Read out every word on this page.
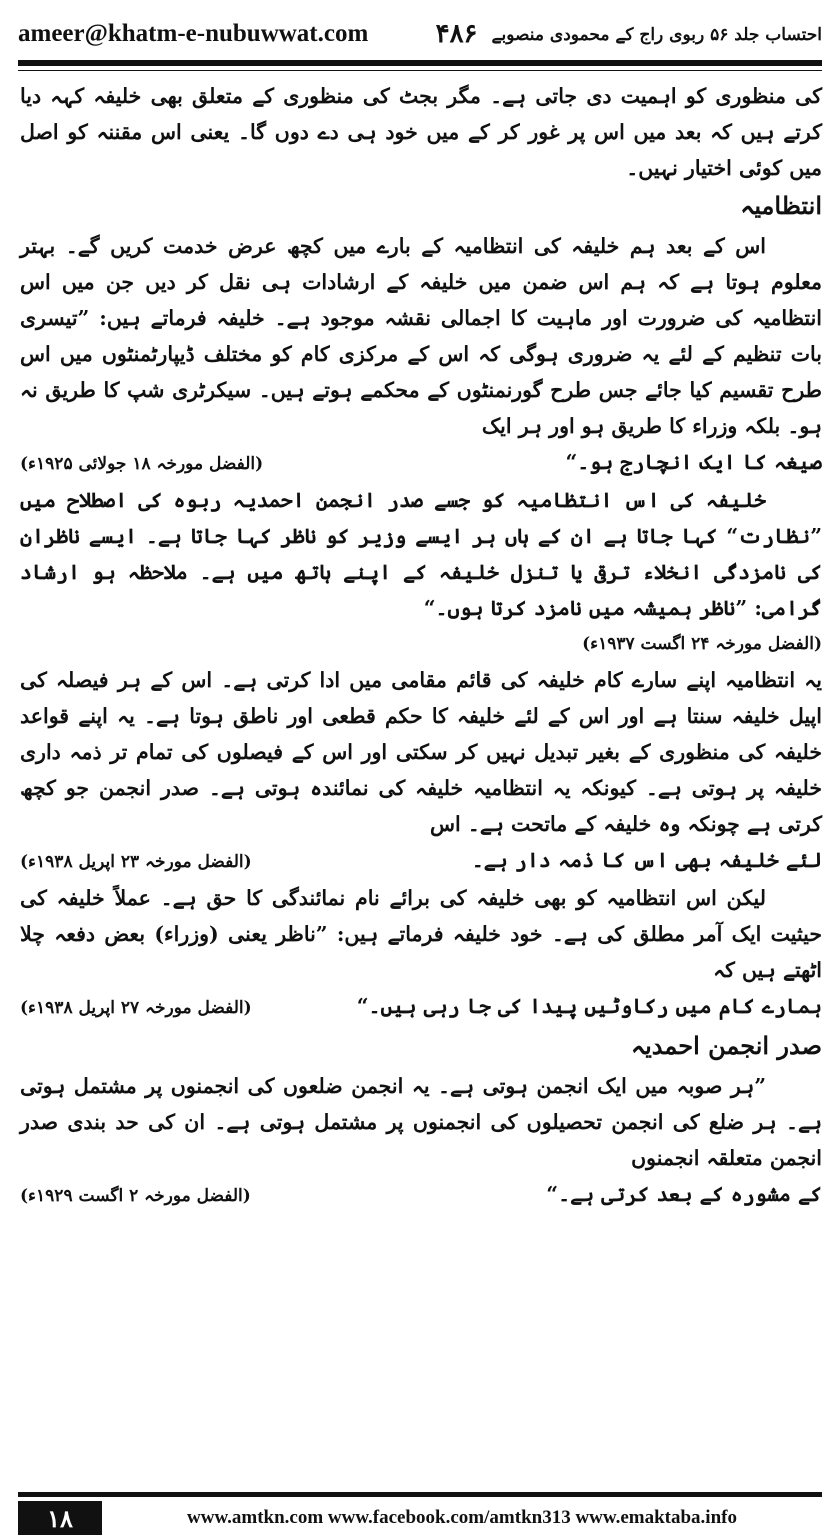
ameer@khatm-e-nubuwwat.com	احتساب جلد ۵۶ ربوی راج کے محمودی منصوبے
۴۸۶

کی منظوری کو اہمیت دی جاتی ہے۔ مگر بجٹ کی منظوری کے متعلق بھی خلیفہ کہہ دیا کرتے ہیں کہ بعد میں اس پر غور کر کے میں خود ہی دے دوں گا۔ یعنی اس مقننہ کو اصل میں کوئی اختیار نہیں۔

انتظامیہ

اس کے بعد ہم خلیفہ کی انتظامیہ کے بارے میں کچھ عرض خدمت کریں گے۔ بہتر معلوم ہوتا ہے کہ ہم اس ضمن میں خلیفہ کے ارشادات ہی نقل کر دیں جن میں اس انتظامیہ کی ضرورت اور ماہیت کا اجمالی نقشہ موجود ہے۔ خلیفہ فرماتے ہیں: ”تیسری بات تنظیم کے لئے یہ ضروری ہوگی کہ اس کے مرکزی کام کو مختلف ڈیپارٹمنٹوں میں اس طرح تقسیم کیا جائے جس طرح گورنمنٹوں کے محکمے ہوتے ہیں۔ سیکرٹری شپ کا طریق نہ ہو۔ بلکہ وزراء کا طریق ہو اور ہر ایک

صیغہ کا ایک انچارج ہو۔“
(الفضل مورخہ ۱۸ جولائی ۱۹۲۵ء)

خلیفہ کی اس انتظامیہ کو جسے صدر انجمن احمدیہ ربوہ کی اصطلاح میں ”نظارت“ کہا جاتا ہے ان کے ہاں ہر ایسے وزیر کو ناظر کہا جاتا ہے۔ ایسے ناظران کی نامزدگی انخلاء ترقی یا تنزل خلیفہ کے اپنے ہاتھ میں ہے۔ ملاحظہ ہو ارشاد گرامی: ”ناظر ہمیشہ میں نامزد کرتا ہوں۔“

(الفضل مورخہ ۲۴ اگست ۱۹۳۷ء)

یہ انتظامیہ اپنے سارے کام خلیفہ کی قائم مقامی میں ادا کرتی ہے۔ اس کے ہر فیصلہ کی اپیل خلیفہ سنتا ہے اور اس کے لئے خلیفہ کا حکم قطعی اور ناطق ہوتا ہے۔ یہ اپنے قواعد خلیفہ کی منظوری کے بغیر تبدیل نہیں کر سکتی اور اس کے فیصلوں کی تمام تر ذمہ داری خلیفہ پر ہوتی ہے۔ کیونکہ یہ انتظامیہ خلیفہ کی نمائندہ ہوتی ہے۔ صدر انجمن جو کچھ کرتی ہے چونکہ وہ خلیفہ کے ماتحت ہے۔ اس

لئے خلیفہ بھی اس کا ذمہ دار ہے۔
(الفضل مورخہ ۲۳ اپریل ۱۹۳۸ء)

لیکن اس انتظامیہ کو بھی خلیفہ کی برائے نام نمائندگی کا حق ہے۔ عملاً خلیفہ کی حیثیت ایک آمر مطلق کی ہے۔ خود خلیفہ فرماتے ہیں: ”ناظر یعنی (وزراء) بعض دفعہ چلا اٹھتے ہیں کہ

ہمارے کام میں رکاوٹیں پیدا کی جا رہی ہیں۔“
(الفضل مورخہ ۲۷ اپریل ۱۹۳۸ء)
صدر انجمن احمدیہ

”ہر صوبہ میں ایک انجمن ہوتی ہے۔ یہ انجمن ضلعوں کی انجمنوں پر مشتمل ہوتی ہے۔ ہر ضلع کی انجمن تحصیلوں کی انجمنوں پر مشتمل ہوتی ہے۔ ان کی حد بندی صدر انجمن متعلقہ انجمنوں

کے مشورہ کے بعد کرتی ہے۔“
(الفضل مورخہ ۲ اگست ۱۹۲۹ء)
۱۸	www.amtkn.com www.facebook.com/amtkn313 www.emaktaba.info
